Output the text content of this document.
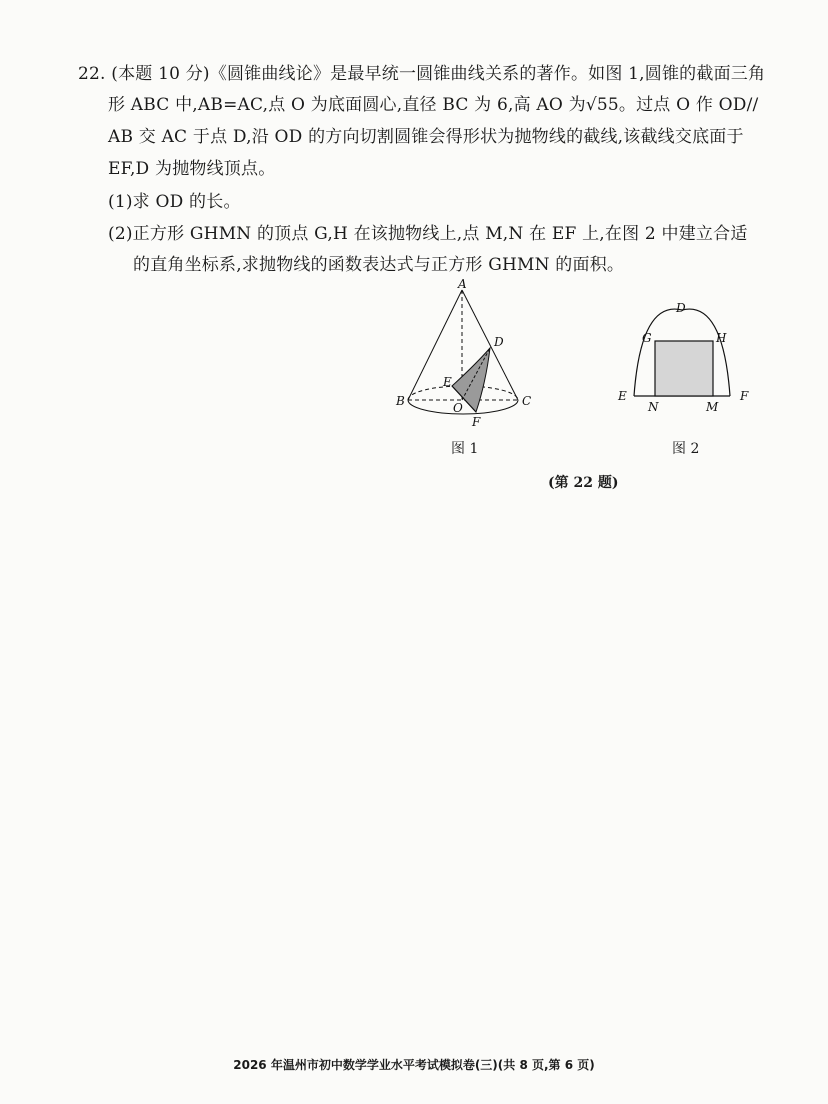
22. (本题 10 分)《圆锥曲线论》是最早统一圆锥曲线关系的著作。如图 1,圆锥的截面三角
形 ABC 中,AB=AC,点 O 为底面圆心,直径 BC 为 6,高 AO 为√55。过点 O 作 OD//
AB 交 AC 于点 D,沿 OD 的方向切割圆锥会得形状为抛物线的截线,该截线交底面于
EF,D 为抛物线顶点。
(1)求 OD 的长。
(2)正方形 GHMN 的顶点 G,H 在该抛物线上,点 M,N 在 EF 上,在图 2 中建立合适
的直角坐标系,求抛物线的函数表达式与正方形 GHMN 的面积。
A
B	C
D
E
O
F
图 1
D
G	H
E
N	M
F
图 2
(第 22 题)
2026 年温州市初中数学学业水平考试模拟卷(三)(共 8 页,第 6 页)
